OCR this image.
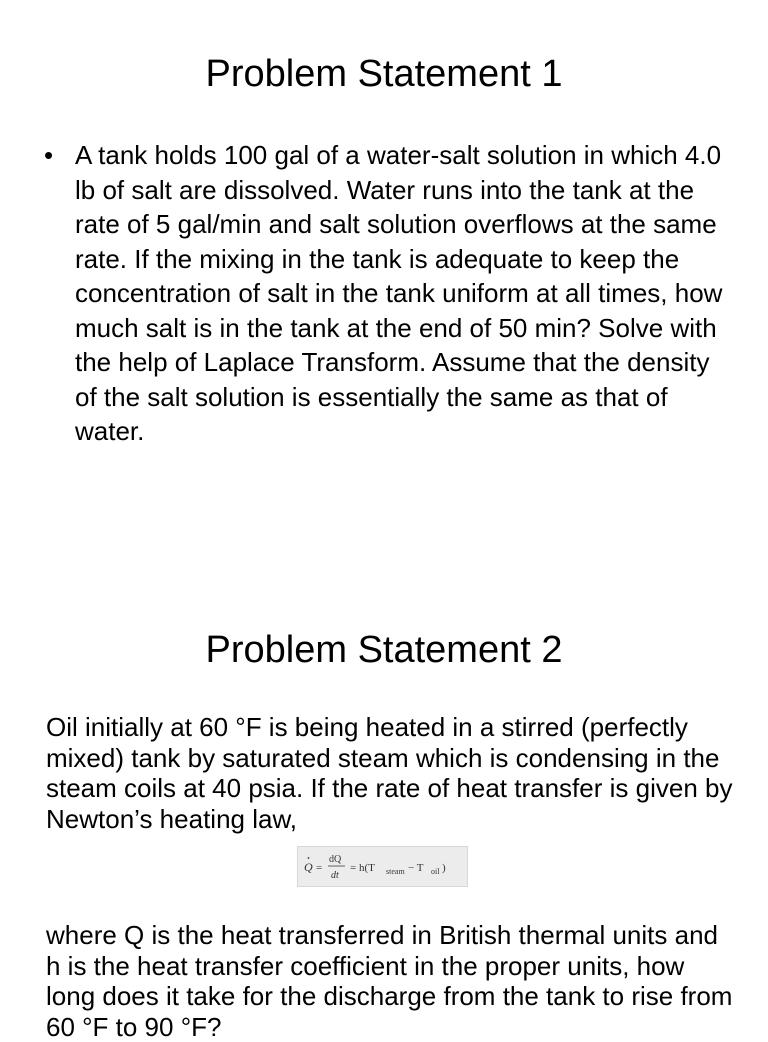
Problem Statement 1
• A tank holds 100 gal of a water-salt solution in which 4.0 lb of salt are dissolved. Water runs into the tank at the rate of 5 gal/min and salt solution overflows at the same rate. If the mixing in the tank is adequate to keep the concentration of salt in the tank uniform at all times, how much salt is in the tank at the end of 50 min? Solve with the help of Laplace Transform. Assume that the density of the salt solution is essentially the same as that of water.
Problem Statement 2
Oil initially at 60 °F is being heated in a stirred (perfectly mixed) tank by saturated steam which is condensing in the steam coils at 40 psia. If the rate of heat transfer is given by Newton’s heating law,
Q =
dQ
dt
= h(T steam − T oil )
where Q is the heat transferred in British thermal units and h is the heat transfer coefficient in the proper units, how long does it take for the discharge from the tank to rise from 60 °F to 90 °F?
